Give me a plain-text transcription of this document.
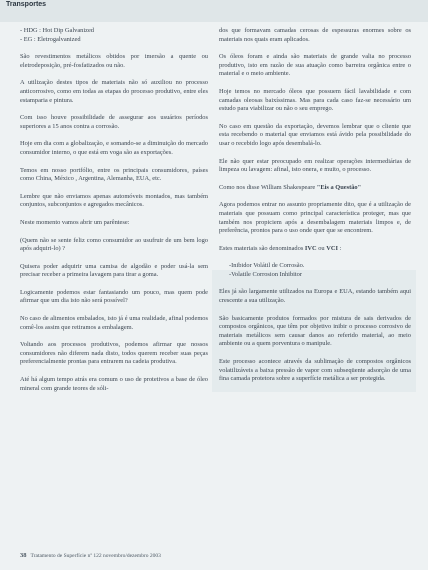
Transportes

- HDG : Hot Dip Galvanized

- EG : Eletrogalvanized

São revestimentos metálicos obtidos por imersão a quente ou eletrodeposição, pré-fosfatizados ou não.

A utilização destes tipos de materiais não só auxiliou no processo anticorrosivo, como em todas as etapas do processo produtivo, entre eles estamparia e pintura.

Com isso houve possibilidade de assegurar aos usuários períodos superiores a 15 anos contra a corrosão.

Hoje em dia com a globalização, e somando-se a diminuição do mercado consumidor interno, o que está em voga são as exportações.

Temos em nosso portfólio, entre os principais consumidores, países como China, México , Argentina, Alemanha, EUA, etc.

Lembre que não enviamos apenas automóveis montados, mas também conjuntos, subconjuntos e agregados mecânicos.

Neste momento vamos abrir um parêntese:

(Quem não se sente feliz como consumidor ao usufruir de um bem logo após adquiri-lo) ?

Quisera poder adquirir uma camisa de algodão e poder usá-la sem precisar receber a primeira lavagem para tirar a goma.

Logicamente podemos estar fantasiando um pouco, mas quem pode afirmar que um dia isto não será possível?

No caso de alimentos embalados, isto já é uma realidade, afinal podemos comê-los assim que retiramos a embalagem.

Voltando aos processos produtivos, podemos afirmar que nossos consumidores não diferem nada disto, todos querem receber suas peças preferencialmente prontas para entrarem na cadeia produtiva.

Até há algum tempo atrás era comum o uso de protetivos a base de óleo mineral com grande teores de sóli-

dos que formavam camadas cerosas de espessuras enormes sobre os materiais nos quais eram aplicados.

Os óleos foram e ainda são materiais de grande valia no processo produtivo, isto em razão de sua atuação como barreira orgânica entre o material e o meio ambiente.

Hoje temos no mercado óleos que possuem fácil lavabilidade e com camadas oleosas baixíssimas. Mas para cada caso faz-se necessário um estudo para viabilizar ou não o seu emprego.

No caso em questão da exportação, devemos lembrar que o cliente que esta recebendo o material que enviamos está ávido pela possibilidade do usar o recebido logo após desembalá-lo.

Ele não quer estar preocupado em realizar operações intermediárias de limpeza ou lavagem: afinal, isto onera, e muito, o processo.

Como nos disse William Shakespeare "Eis a Questão"

Agora podemos entrar no assunto propriamente dito, que é a utilização de materiais que possuam como principal característica proteger, mas que também nos propiciem após a desembalagem materiais limpos e, de preferência, prontos para o uso onde quer que se encontrem.

Estes materiais são denominados IVC ou VCI :

-Inibidor Volátil de Corrosão.

-Volatile Corrosion Inhibitor

Eles já são largamente utilizados na Europa e EUA, estando também aqui crescente a sua utilização.

São basicamente produtos formados por mistura de sais derivados de compostos orgânicos, que têm por objetivo inibir o processo corrosivo de materiais metálicos sem causar danos ao referido material, ao meio ambiente ou a quem porventura o manipule.

Este processo acontece através da sublimação de compostos orgânicos volatilizáveis a baixa pressão de vapor com subseqüente adsorção de uma fina camada protetora sobre a superfície metálica a ser protegida.

38 Tratamento de Superfície nº 122 novembro/dezembro 2003
